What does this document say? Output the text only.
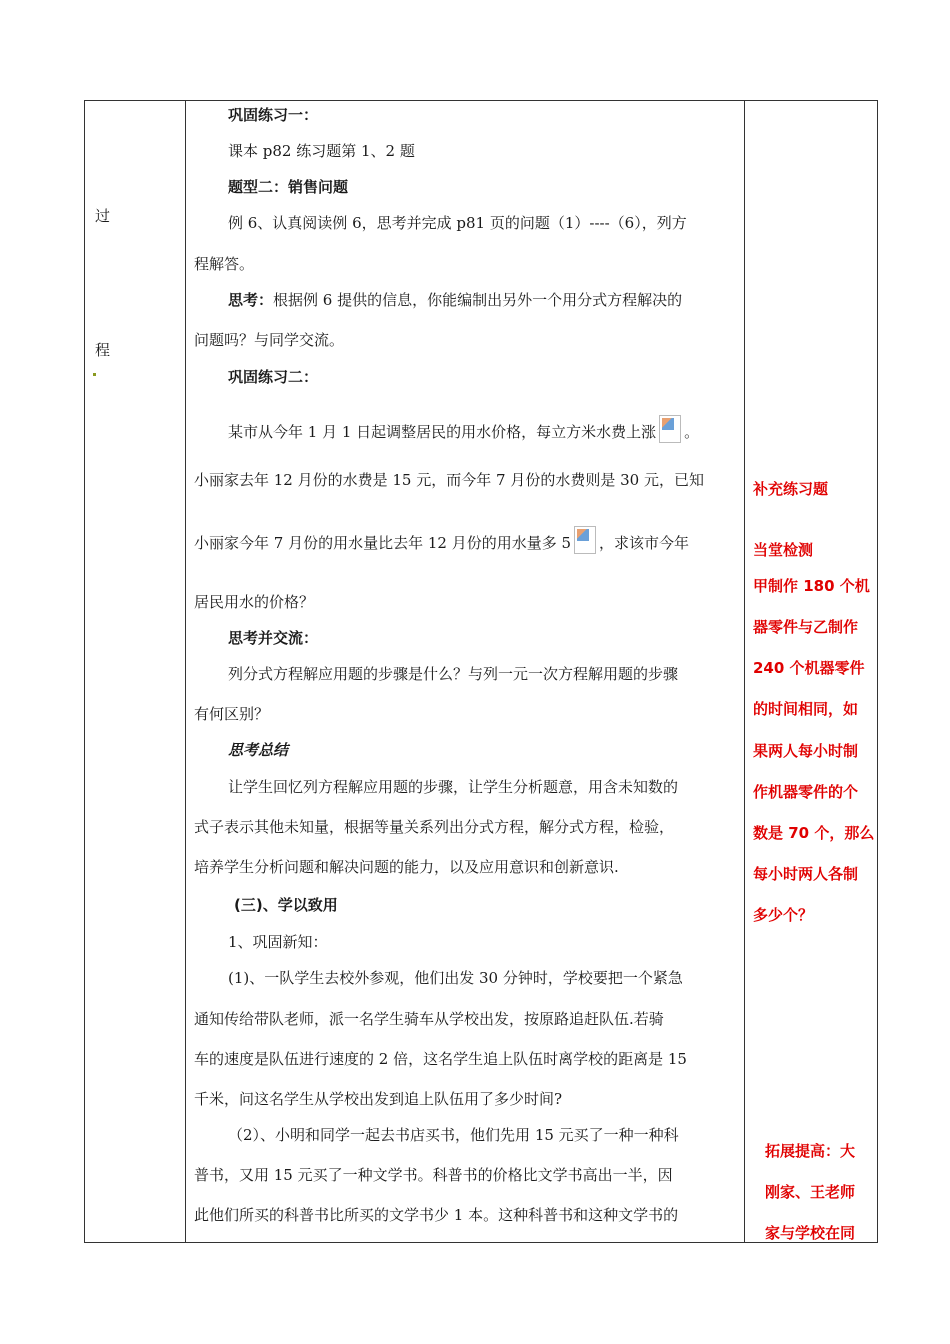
过
程
巩固练习一：
课本 p82 练习题第 1、2 题
题型二：销售问题
例 6、认真阅读例 6，思考并完成 p81 页的问题（1）----（6），列方
程解答。
思考：根据例 6 提供的信息，你能编制出另外一个用分式方程解决的
问题吗？与同学交流。
巩固练习二：
某市从今年 1 月 1 日起调整居民的用水价格，每立方米水费上涨 。
小丽家去年 12 月份的水费是 15 元，而今年 7 月份的水费则是 30 元，已知
小丽家今年 7 月份的用水量比去年 12 月份的用水量多 5 ，求该市今年
居民用水的价格？
思考并交流：
列分式方程解应用题的步骤是什么？与列一元一次方程解用题的步骤
有何区别？
思考总结
让学生回忆列方程解应用题的步骤，让学生分析题意，用含未知数的
式子表示其他未知量，根据等量关系列出分式方程，解分式方程，检验，
培养学生分析问题和解决问题的能力，以及应用意识和创新意识.
(三)、学以致用
1、巩固新知：
(1)、一队学生去校外参观，他们出发 30 分钟时，学校要把一个紧急
通知传给带队老师，派一名学生骑车从学校出发，按原路追赶队伍.若骑
车的速度是队伍进行速度的 2 倍，这名学生追上队伍时离学校的距离是 15
千米，问这名学生从学校出发到追上队伍用了多少时间?
（2）、小明和同学一起去书店买书，他们先用 15 元买了一种一种科
普书，又用 15 元买了一种文学书。科普书的价格比文学书高出一半，因
此他们所买的科普书比所买的文学书少 1 本。这种科普书和这种文学书的
补充练习题
当堂检测
甲制作 180 个机
器零件与乙制作
240 个机器零件
的时间相同，如
果两人每小时制
作机器零件的个
数是 70 个，那么
每小时两人各制
多少个？
拓展提高：大
刚家、王老师
家与学校在同
